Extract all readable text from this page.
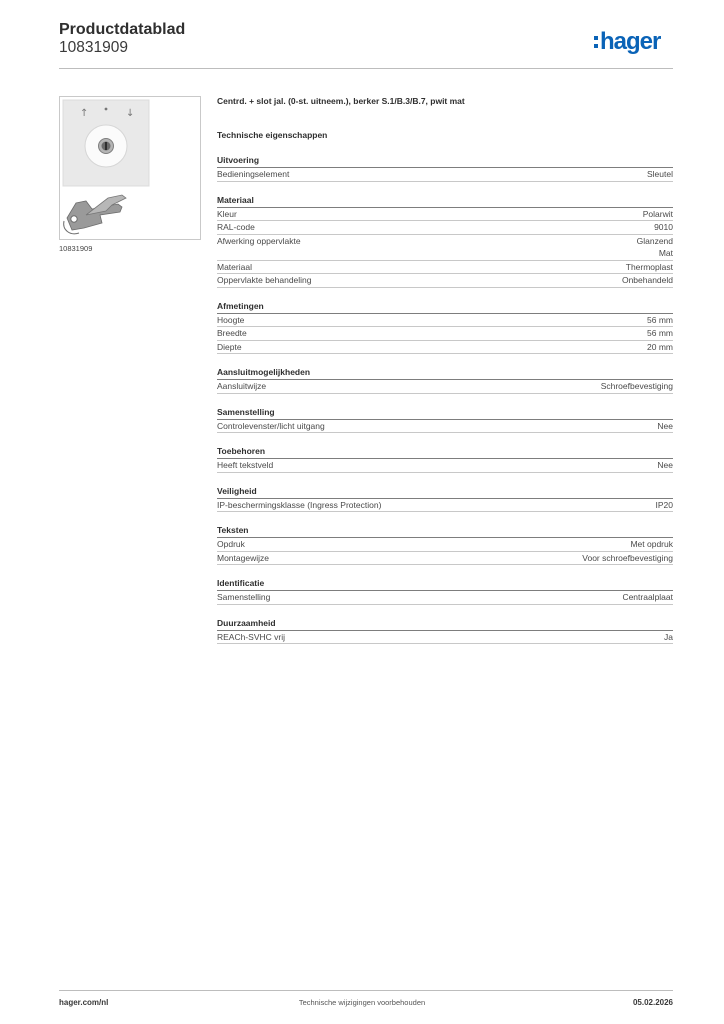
Productdatablad
10831909	hager
↑	↓
10831909
Centrd. + slot jal. (0-st. uitneem.), berker S.1/B.3/B.7, pwit mat
Technische eigenschappen
Uitvoering
Bedieningselement	Sleutel
Materiaal
Kleur	Polarwit
RAL-code	9010
Afwerking oppervlakte	Glanzend
Mat
Materiaal	Thermoplast
Oppervlakte behandeling	Onbehandeld
Afmetingen
Hoogte	56 mm
Breedte	56 mm
Diepte	20 mm
Aansluitmogelijkheden
Aansluitwijze	Schroefbevestiging
Samenstelling
Controlevenster/licht uitgang	Nee
Toebehoren
Heeft tekstveld	Nee
Veiligheid
IP-beschermingsklasse (Ingress Protection)	IP20
Teksten
Opdruk	Met opdruk
Montagewijze	Voor schroefbevestiging
Identificatie
Samenstelling	Centraalplaat
Duurzaamheid
REACh-SVHC vrij	Ja
hager.com/nl	Technische wijzigingen voorbehouden	05.02.2026
